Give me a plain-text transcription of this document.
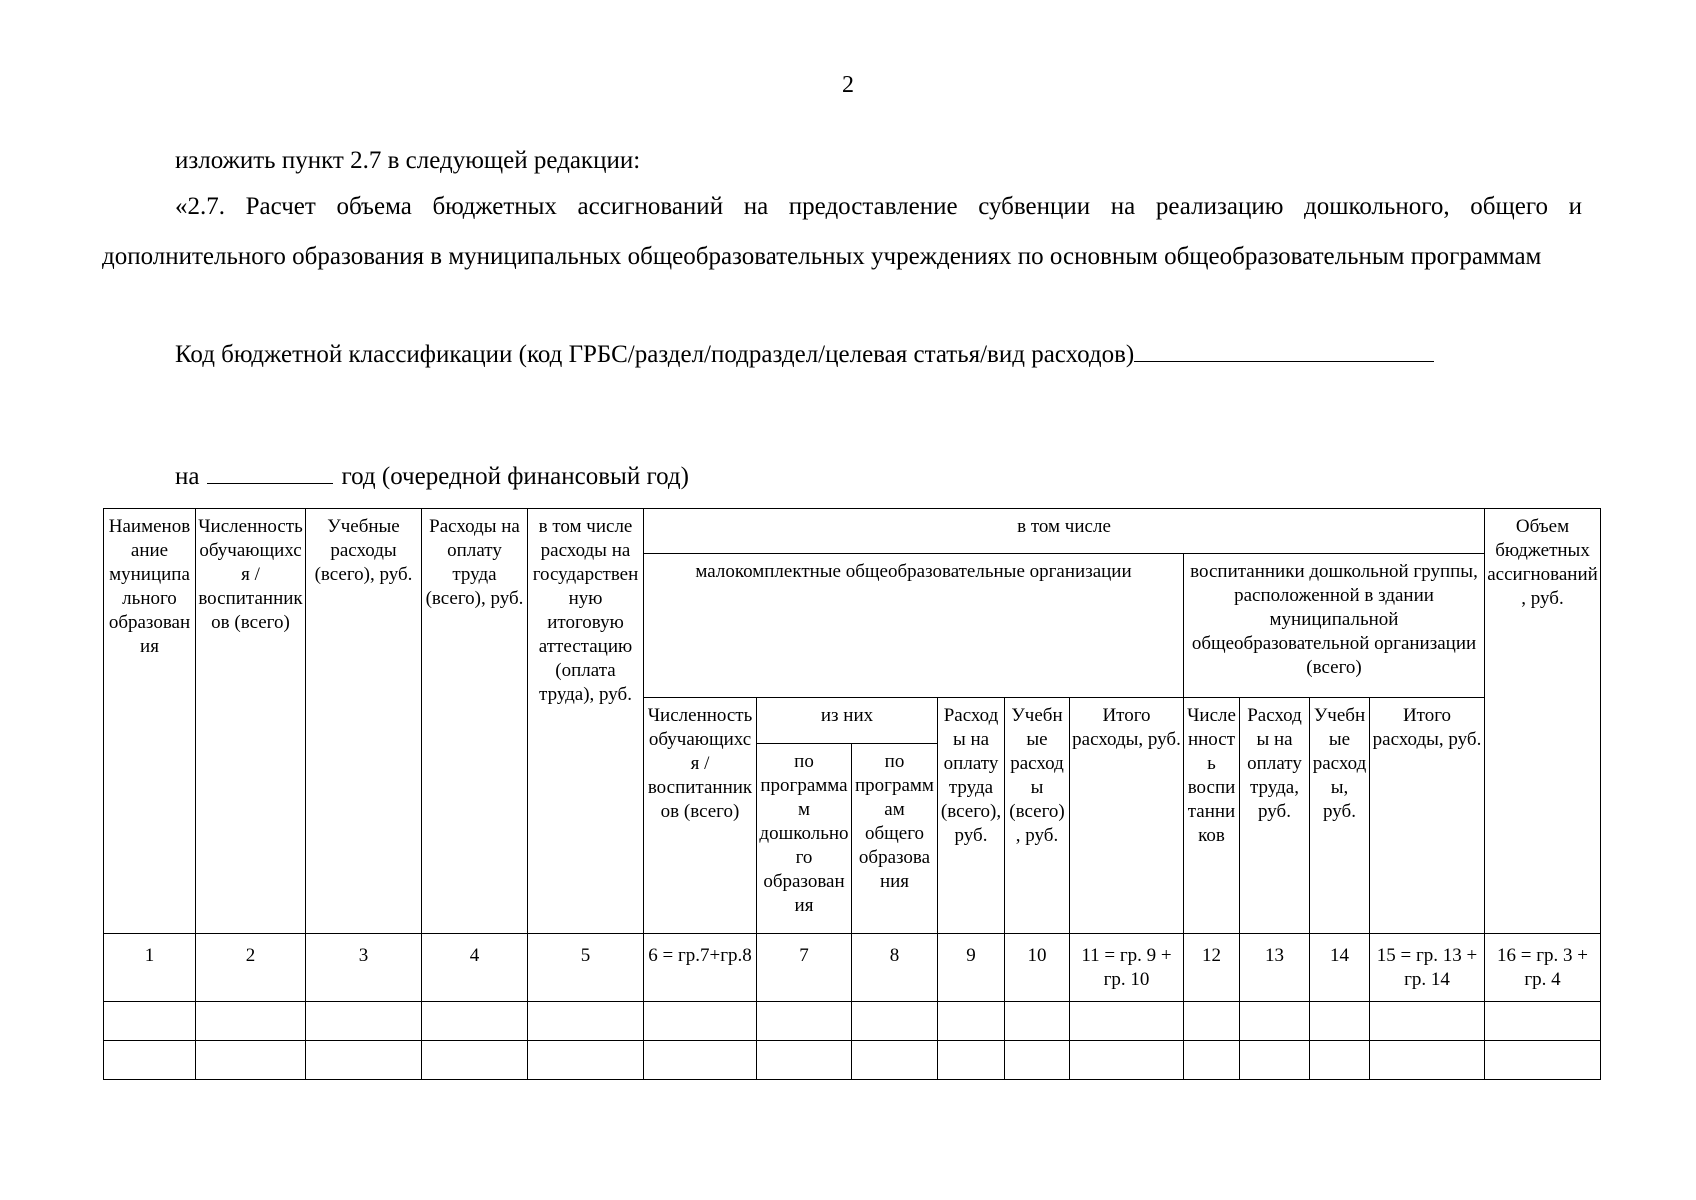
2
изложить пункт 2.7 в следующей редакции:
«2.7. Расчет объема бюджетных ассигнований на предоставление субвенции на реализацию дошкольного, общего и дополнительного образования в муниципальных общеобразовательных учреждениях по основным общеобразовательным программам
Код бюджетной классификации (код ГРБС/раздел/подраздел/целевая статья/вид расходов)
на	год (очередной финансовый год)
Наименование муниципального образования	Численность обучающихся / воспитанников (всего)	Учебные расходы (всего), руб.	Расходы на оплату труда (всего), руб.	в том числе расходы на государственную итоговую аттестацию (оплата труда), руб.	в том числе										Объем бюджетных ассигнований, руб.
					малокомплектные общеобразовательные организации						воспитанники дошкольной группы, расположенной в здании муниципальной общеобразовательной организации (всего)				
					Численность обучающихся / воспитанников (всего)	из них		Расходы на оплату труда (всего), руб.	Учебные расходы (всего), руб.	Итого расходы, руб.	Численность воспитанников	Расходы на оплату труда, руб.	Учебные расходы, руб.	Итого расходы, руб.	
						по программам дошкольного образования	по программам общего образования								
1	2	3	4	5	6 = гр.7+гр.8	7	8	9	10	11 = гр. 9 + гр. 10	12	13	14	15 = гр. 13 + гр. 14	16 = гр. 3 + гр. 4
